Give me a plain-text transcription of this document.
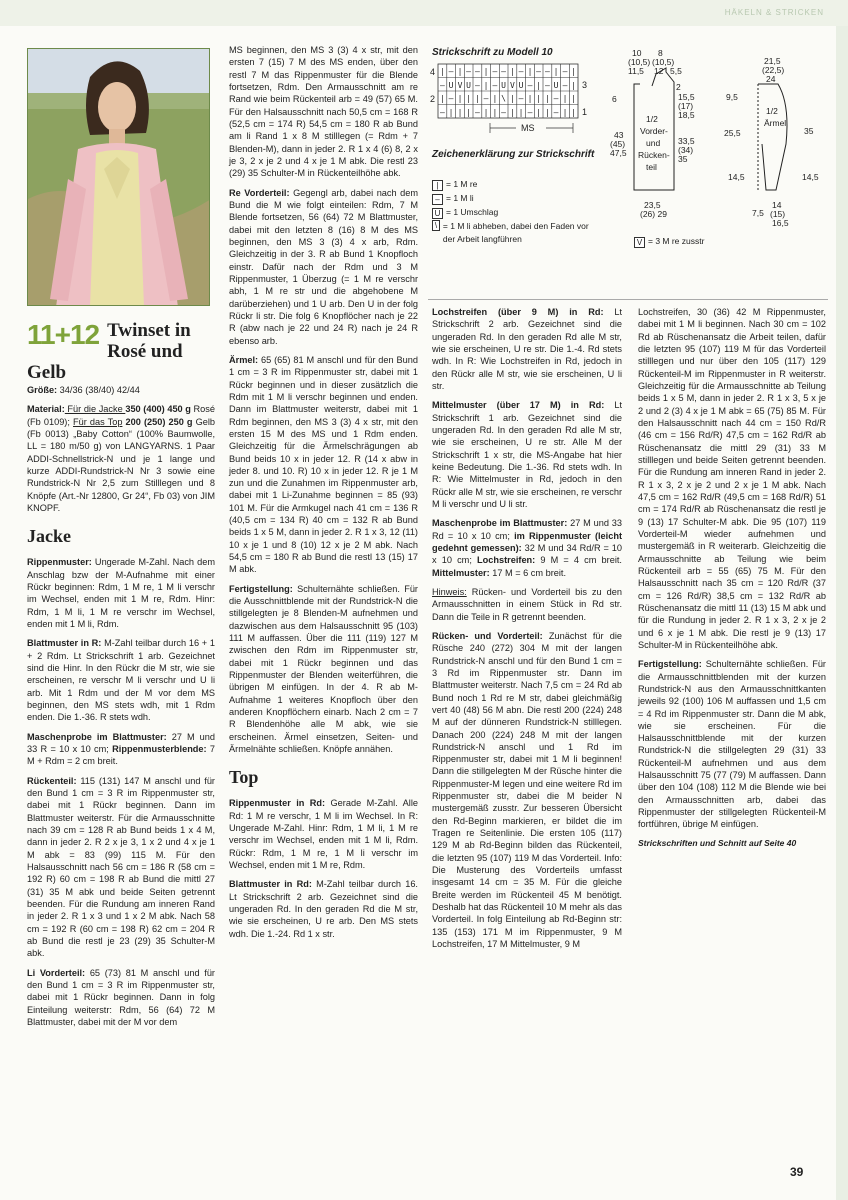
HÄKELN & STRICKEN
11+12 Twinset in Rosé und Gelb

Größe: 34/36 (38/40) 42/44

Material: Für die Jacke 350 (400) 450 g Rosé (Fb 0109); Für das Top 200 (250) 250 g Gelb (Fb 0013) „Baby Cotton“ (100% Baumwolle, LL = 180 m/50 g) von LANGYARNS. 1 Paar ADDI-Schnellstrick-N und je 1 lange und kurze ADDI-Rundstrick-N Nr 3 sowie eine Rundstrick-N Nr 2,5 zum Stilllegen und 8 Knöpfe (Art.-Nr 12800, Gr 24“, Fb 03) von JIM KNOPF.

Jacke

Rippenmuster: Ungerade M-Zahl. Nach dem Anschlag bzw der M-Aufnahme mit einer Rückr beginnen: Rdm, 1 M re, 1 M li verschr im Wechsel, enden mit 1 M re, Rdm. Hinr: Rdm, 1 M li, 1 M re verschr im Wechsel, enden mit 1 M li, Rdm.

Blattmuster in R: M-Zahl teilbar durch 16 + 1 + 2 Rdm. Lt Strickschrift 1 arb. Gezeichnet sind die Hinr. In den Rückr die M str, wie sie erscheinen, re verschr M li verschr und U li arb. Mit 1 Rdm und der M vor dem MS beginnen, den MS stets wdh, mit 1 Rdm enden. Die 1.-36. R stets wdh.

Maschenprobe im Blattmuster: 27 M und 33 R = 10 x 10 cm; Rippenmusterblende: 7 M + Rdm = 2 cm breit.

Rückenteil: 115 (131) 147 M anschl und für den Bund 1 cm = 3 R im Rippenmuster str, dabei mit 1 Rückr beginnen. Dann im Blattmuster weiterstr. Für die Armausschnitte nach 39 cm = 128 R ab Bund beids 1 x 4 M, dann in jeder 2. R 2 x je 3, 1 x 2 und 4 x je 1 M abk = 83 (99) 115 M. Für den Halsausschnitt nach 56 cm = 186 R (58 cm = 192 R) 60 cm = 198 R ab Bund die mittl 27 (31) 35 M abk und beide Seiten getrennt beenden. Für die Rundung am inneren Rand in jeder 2. R 1 x 3 und 1 x 2 M abk. Nach 58 cm = 192 R (60 cm = 198 R) 62 cm = 204 R ab Bund die restl je 23 (29) 35 Schulter-M abk.

Li Vorderteil: 65 (73) 81 M anschl und für den Bund 1 cm = 3 R im Rippenmuster str, dabei mit 1 Rückr beginnen. Dann in folg Einteilung weiterstr: Rdm, 56 (64) 72 M Blattmuster, dabei mit der M vor dem

MS beginnen, den MS 3 (3) 4 x str, mit den ersten 7 (15) 7 M des MS enden, über den restl 7 M das Rippenmuster für die Blende fortsetzen, Rdm. Den Armausschnitt am re Rand wie beim Rückenteil arb = 49 (57) 65 M. Für den Halsausschnitt nach 50,5 cm = 168 R (52,5 cm = 174 R) 54,5 cm = 180 R ab Bund am li Rand 1 x 8 M stilllegen (= Rdm + 7 Blenden-M), dann in jeder 2. R 1 x 4 (6) 8, 2 x je 3, 2 x je 2 und 4 x je 1 M abk. Die restl 23 (29) 35 Schulter-M in Rückenteilhöhe abk.

Re Vorderteil: Gegengl arb, dabei nach dem Bund die M wie folgt einteilen: Rdm, 7 M Blende fortsetzen, 56 (64) 72 M Blattmuster, dabei mit den letzten 8 (16) 8 M des MS beginnen, den MS 3 (3) 4 x arb, Rdm. Gleichzeitig in der 3. R ab Bund 1 Knopfloch einstr. Dafür nach der Rdm und 3 M Rippenmuster, 1 Überzug (= 1 M re verschr abh, 1 M re str und die abgehobene M darüberziehen) und 1 U arb. Den U in der folg Rückr li str. Die folg 6 Knopflöcher nach je 22 R (abw nach je 22 und 24 R) nach je 24 R ebenso arb.

Ärmel: 65 (65) 81 M anschl und für den Bund 1 cm = 3 R im Rippenmuster str, dabei mit 1 Rückr beginnen und in dieser zusätzlich die Rdm mit 1 M li verschr beginnen und enden. Dann im Blattmuster weiterstr, dabei mit 1 Rdm beginnen, den MS 3 (3) 4 x str, mit den ersten 15 M des MS und 1 Rdm enden. Gleichzeitig für die Ärmelschrägungen ab Bund beids 10 x in jeder 12. R (14 x abw in jeder 8. und 10. R) 10 x in jeder 12. R je 1 M zun und die Zunahmen im Rippenmuster arb, dabei mit 1 Li-Zunahme beginnen = 85 (93) 101 M. Für die Armkugel nach 41 cm = 136 R (40,5 cm = 134 R) 40 cm = 132 R ab Bund beids 1 x 5 M, dann in jeder 2. R 1 x 3, 12 (11) 10 x je 1 und 8 (10) 12 x je 2 M abk. Nach 54,5 cm = 180 R ab Bund die restl 13 (15) 17 M abk.

Fertigstellung: Schulternähte schließen. Für die Ausschnittblende mit der Rundstrick-N die stillgelegten je 8 Blenden-M aufnehmen und dazwischen aus dem Halsausschnitt 95 (103) 111 M auffassen. Über die 111 (119) 127 M zwischen den Rdm im Rippenmuster str, dabei mit 1 Rückr beginnen und das Rippenmuster der Blenden weiterführen, die übrigen M einfügen. In der 4. R ab M-Aufnahme 1 weiteres Knopfloch über den anderen Knopflöchern einarb. Nach 2 cm = 7 R Blendenhöhe alle M abk, wie sie erscheinen. Ärmel einsetzen, Seiten- und Ärmelnähte schließen. Knöpfe annähen.

Top

Rippenmuster in Rd: Gerade M-Zahl. Alle Rd: 1 M re verschr, 1 M li im Wechsel. In R: Ungerade M-Zahl. Hinr: Rdm, 1 M li, 1 M re verschr im Wechsel, enden mit 1 M li, Rdm. Rückr: Rdm, 1 M re, 1 M li verschr im Wechsel, enden mit 1 M re, Rdm.

Blattmuster in Rd: M-Zahl teilbar durch 16. Lt Strickschrift 2 arb. Gezeichnet sind die ungeraden Rd. In den geraden Rd die M str, wie sie erscheinen, U re arb. Den MS stets wdh. Die 1.-24. Rd 1 x str.

Strickschrift zu Modell 10
| – | – – | – – | – | – – | – |
– U V U – | – U V U – | – U – |
| – | | | – | \ | – | | | – | |
– | | | – | | – | | – | | – | |
4
3
2
1
MS
Zeichenerklärung zur Strickschrift
| = 1 M re
– = 1 M li
U = 1 Umschlag
\ = 1 M li abheben, dabei den Faden vor der Arbeit langführen	V = 3 M re zusstr
10 8
(10,5) (10,5)
11,5 12 5,5
2
6	15,5
(17)
18,5
43
(45)
47,5
33,5
(34)
35
23,5
(26) 29
21,5
(22,5)
24
9,5
25,5	35
14,5	14,5
7,5
14
(15)
16,5
1/2
Vorder-
und
Rücken-
teil
1/2
Ärmel

Lochstreifen (über 9 M) in Rd: Lt Strickschrift 2 arb. Gezeichnet sind die ungeraden Rd. In den geraden Rd alle M str, wie sie erscheinen, U re str. Die 1.-4. Rd stets wdh. In R: Wie Lochstreifen in Rd, jedoch in den Rückr alle M str, wie sie erscheinen, U li str.

Mittelmuster (über 17 M) in Rd: Lt Strickschrift 1 arb. Gezeichnet sind die ungeraden Rd. In den geraden Rd alle M str, wie sie erscheinen, U re str. Alle M der Strickschrift 1 x str, die MS-Angabe hat hier keine Bedeutung. Die 1.-36. Rd stets wdh. In R: Wie Mittelmuster in Rd, jedoch in den Rückr alle M str, wie sie erscheinen, re verschr M li verschr und U li str.

Maschenprobe im Blattmuster: 27 M und 33 Rd = 10 x 10 cm; im Rippenmuster (leicht gedehnt gemessen): 32 M und 34 Rd/R = 10 x 10 cm; Lochstreifen: 9 M = 4 cm breit. Mittelmuster: 17 M = 6 cm breit.

Hinweis: Rücken- und Vorderteil bis zu den Armausschnitten in einem Stück in Rd str. Dann die Teile in R getrennt beenden.

Rücken- und Vorderteil: Zunächst für die Rüsche 240 (272) 304 M mit der langen Rundstrick-N anschl und für den Bund 1 cm = 3 Rd im Rippenmuster str. Dann im Blattmuster weiterstr. Nach 7,5 cm = 24 Rd ab Bund noch 1 Rd re M str, dabei gleichmäßig vert 40 (48) 56 M abn. Die restl 200 (224) 248 M auf der dünneren Rundstrick-N stilllegen. Danach 200 (224) 248 M mit der langen Rundstrick-N anschl und 1 Rd im Rippenmuster str, dabei mit 1 M li beginnen! Dann die stillgelegten M der Rüsche hinter die Rippenmuster-M legen und eine weitere Rd im Rippenmuster str, dabei die M beider N mustergemäß zusstr. Zur besseren Übersicht den Rd-Beginn markieren, er bildet die im Tragen re Seitenlinie. Die ersten 105 (117) 129 M ab Rd-Beginn bilden das Rückenteil, die letzten 95 (107) 119 M das Vorderteil. Info: Die Musterung des Vorderteils umfasst insgesamt 14 cm = 35 M. Für die gleiche Breite werden im Rückenteil 45 M benötigt. Deshalb hat das Rückenteil 10 M mehr als das Vorderteil. In folg Einteilung ab Rd-Beginn str: 135 (153) 171 M im Rippenmuster, 9 M Lochstreifen, 17 M Mittelmuster, 9 M

Lochstreifen, 30 (36) 42 M Rippenmuster, dabei mit 1 M li beginnen. Nach 30 cm = 102 Rd ab Rüschenansatz die Arbeit teilen, dafür die letzten 95 (107) 119 M für das Vorderteil stilllegen und nur über den 105 (117) 129 Rückenteil-M im Rippenmuster in R weiterstr. Gleichzeitig für die Armausschnitte ab Teilung beids 1 x 5 M, dann in jeder 2. R 1 x 3, 5 x je 2 und 2 (3) 4 x je 1 M abk = 65 (75) 85 M. Für den Halsausschnitt nach 44 cm = 150 Rd/R (46 cm = 156 Rd/R) 47,5 cm = 162 Rd/R ab Rüschenansatz die mittl 29 (31) 33 M stilllegen und beide Seiten getrennt beenden. Für die Rundung am inneren Rand in jeder 2. R 1 x 3, 2 x je 2 und 2 x je 1 M abk. Nach 47,5 cm = 162 Rd/R (49,5 cm = 168 Rd/R) 51 cm = 174 Rd/R ab Rüschenansatz die restl je 9 (13) 17 Schulter-M abk. Die 95 (107) 119 Vorderteil-M wieder aufnehmen und mustergemäß in R weiterarb. Gleichzeitig die Armausschnitte ab Teilung wie beim Rückenteil arb = 55 (65) 75 M. Für den Halsausschnitt nach 35 cm = 120 Rd/R (37 cm = 126 Rd/R) 38,5 cm = 132 Rd/R ab Rüschenansatz die mittl 11 (13) 15 M abk und für die Rundung in jeder 2. R 1 x 3, 2 x je 2 und 6 x je 1 M abk. Die restl je 9 (13) 17 Schulter-M in Rückenteilhöhe abk.

Fertigstellung: Schulternähte schließen. Für die Armausschnittblenden mit der kurzen Rundstrick-N aus den Armausschnittkanten jeweils 92 (100) 106 M auffassen und 1,5 cm = 4 Rd im Rippenmuster str. Dann die M abk, wie sie erscheinen. Für die Halsausschnittblende mit der kurzen Rundstrick-N die stillgelegten 29 (31) 33 Rückenteil-M aufnehmen und aus dem Halsausschnitt 75 (77 (79) M auffassen. Dann über den 104 (108) 112 M die Blende wie bei den Armausschnitten arb, dabei das Rippenmuster der stillgelegten Rückenteil-M fortführen, übrige M einfügen.

Strickschriften und Schnitt auf Seite 40

39
